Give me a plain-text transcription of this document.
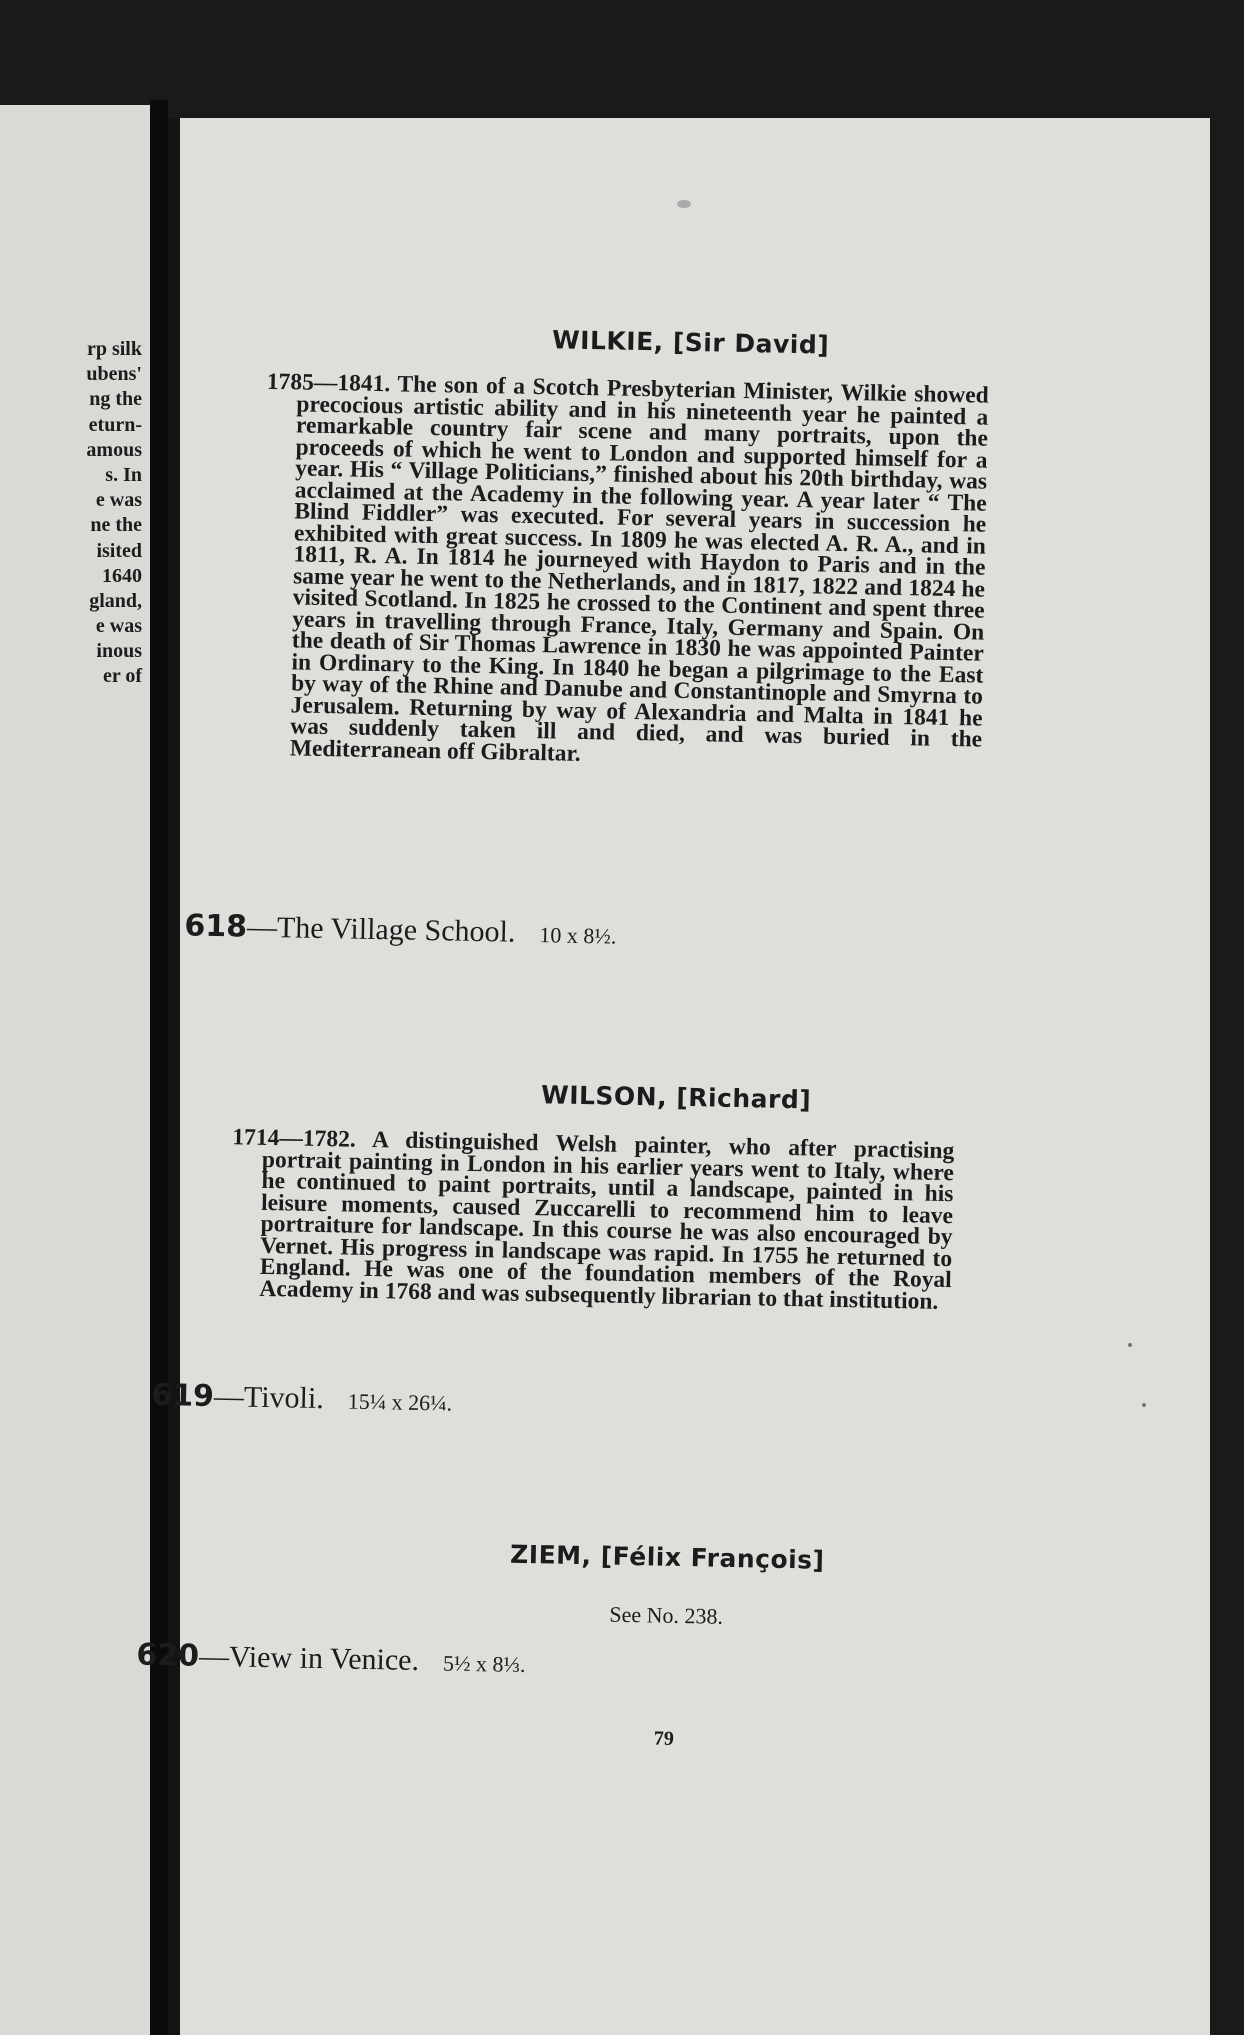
rp silk
ubens'
ng the
eturn-
amous
s. In
e was
ne the
isited
1640
gland,
e was
inous
er of
WILKIE, [Sir David]
1785—1841. The son of a Scotch Presbyterian Minister, Wilkie showed precocious artistic ability and in his nineteenth year he painted a remarkable country fair scene and many portraits, upon the proceeds of which he went to London and supported himself for a year. His “ Village Politicians,” finished about his 20th birthday, was acclaimed at the Academy in the following year. A year later “ The Blind Fiddler” was executed. For several years in succession he exhibited with great success. In 1809 he was elected A. R. A., and in 1811, R. A. In 1814 he journeyed with Haydon to Paris and in the same year he went to the Netherlands, and in 1817, 1822 and 1824 he visited Scotland. In 1825 he crossed to the Continent and spent three years in travelling through France, Italy, Germany and Spain. On the death of Sir Thomas Lawrence in 1830 he was appointed Painter in Ordinary to the King. In 1840 he began a pilgrimage to the East by way of the Rhine and Danube and Constantinople and Smyrna to Jerusalem. Returning by way of Alexandria and Malta in 1841 he was suddenly taken ill and died, and was buried in the Mediterranean off Gibraltar.
618—The Village School. 10 x 8½.
WILSON, [Richard]
1714—1782. A distinguished Welsh painter, who after practising portrait painting in London in his earlier years went to Italy, where he continued to paint portraits, until a landscape, painted in his leisure moments, caused Zuccarelli to recommend him to leave portraiture for landscape. In this course he was also encouraged by Vernet. His progress in landscape was rapid. In 1755 he returned to England. He was one of the foundation members of the Royal Academy in 1768 and was subsequently librarian to that institution.
619—Tivoli. 15¼ x 26¼.
ZIEM, [Félix François]
See No. 238.
620—View in Venice. 5½ x 8⅓.
79
